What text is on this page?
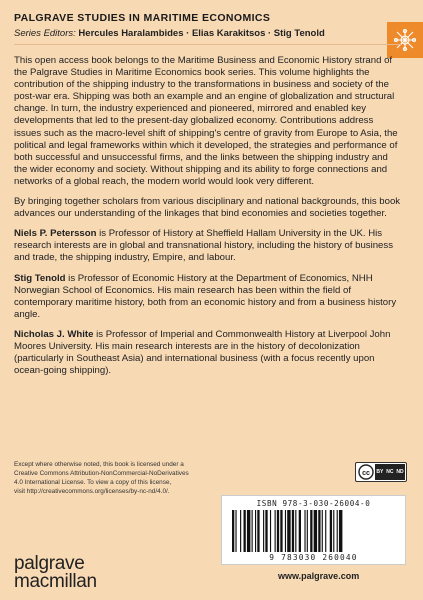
PALGRAVE STUDIES IN MARITIME ECONOMICS
Series Editors: Hercules Haralambides · Elias Karakitsos · Stig Tenold

This open access book belongs to the Maritime Business and Economic History strand of the Palgrave Studies in Maritime Economics book series. This volume highlights the contribution of the shipping industry to the transformations in business and society of the post-war era. Shipping was both an example and an engine of globalization and structural change. In turn, the industry experienced and pioneered, mirrored and enabled key developments that led to the present-day globalized economy. Contributions address issues such as the macro-level shift of shipping's centre of gravity from Europe to Asia, the political and legal frameworks within which it developed, the strategies and performance of both successful and unsuccessful firms, and the links between the shipping industry and the wider economy and society. Without shipping and its ability to forge connections and networks of a global reach, the modern world would look very different.

By bringing together scholars from various disciplinary and national backgrounds, this book advances our understanding of the linkages that bind economies and societies together.

Niels P. Petersson is Professor of History at Sheffield Hallam University in the UK. His research interests are in global and transnational history, including the history of business and trade, the shipping industry, Empire, and labour.

Stig Tenold is Professor of Economic History at the Department of Economics, NHH Norwegian School of Economics. His main research has been within the field of contemporary maritime history, both from an economic history and from a business history angle.

Nicholas J. White is Professor of Imperial and Commonwealth History at Liverpool John Moores University. His main research interests are in the history of decolonization (particularly in Southeast Asia) and international business (with a focus recently upon ocean-going shipping).

Except where otherwise noted, this book is licensed under a
Creative Commons Attribution-NonCommercial-NoDerivatives
4.0 International License. To view a copy of this license,
visit http://creativecommons.org/licenses/by-nc-nd/4.0/.
cc BY NC ND
ISBN 978-3-030-26004-0
9 783030 260040
palgrave
macmillan	www.palgrave.com
